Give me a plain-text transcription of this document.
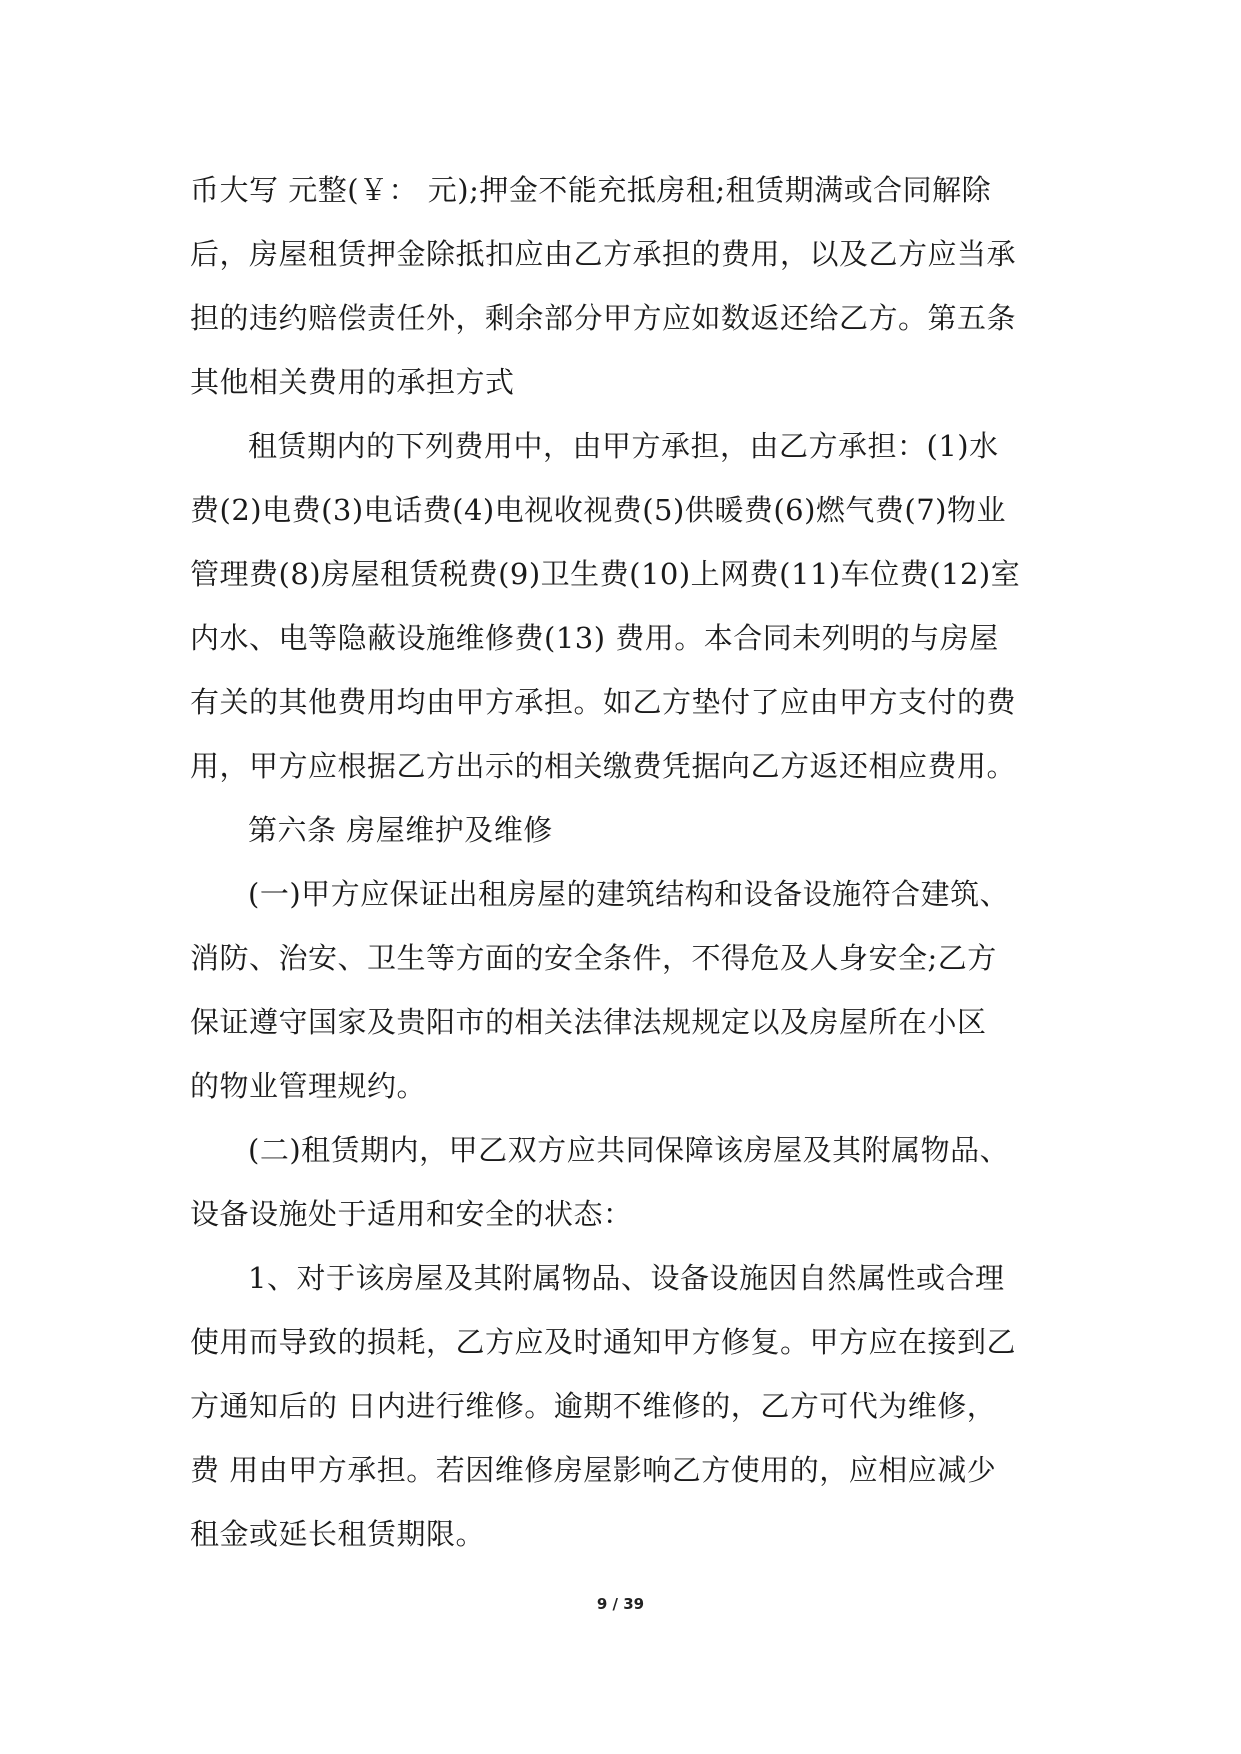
币大写 元整(￥： 元);押金不能充抵房租;租赁期满或合同解除
后，房屋租赁押金除抵扣应由乙方承担的费用，以及乙方应当承
担的违约赔偿责任外，剩余部分甲方应如数返还给乙方。第五条
其他相关费用的承担方式
租赁期内的下列费用中，由甲方承担，由乙方承担：(1)水
费(2)电费(3)电话费(4)电视收视费(5)供暖费(6)燃气费(7)物业
管理费(8)房屋租赁税费(9)卫生费(10)上网费(11)车位费(12)室
内水、电等隐蔽设施维修费(13) 费用。本合同未列明的与房屋
有关的其他费用均由甲方承担。如乙方垫付了应由甲方支付的费
用，甲方应根据乙方出示的相关缴费凭据向乙方返还相应费用。
第六条 房屋维护及维修
(一)甲方应保证出租房屋的建筑结构和设备设施符合建筑、
消防、治安、卫生等方面的安全条件，不得危及人身安全;乙方
保证遵守国家及贵阳市的相关法律法规规定以及房屋所在小区
的物业管理规约。
(二)租赁期内，甲乙双方应共同保障该房屋及其附属物品、
设备设施处于适用和安全的状态：
1、对于该房屋及其附属物品、设备设施因自然属性或合理
使用而导致的损耗，乙方应及时通知甲方修复。甲方应在接到乙
方通知后的 日内进行维修。逾期不维修的，乙方可代为维修，
费 用由甲方承担。若因维修房屋影响乙方使用的，应相应减少
租金或延长租赁期限。
9 / 39
